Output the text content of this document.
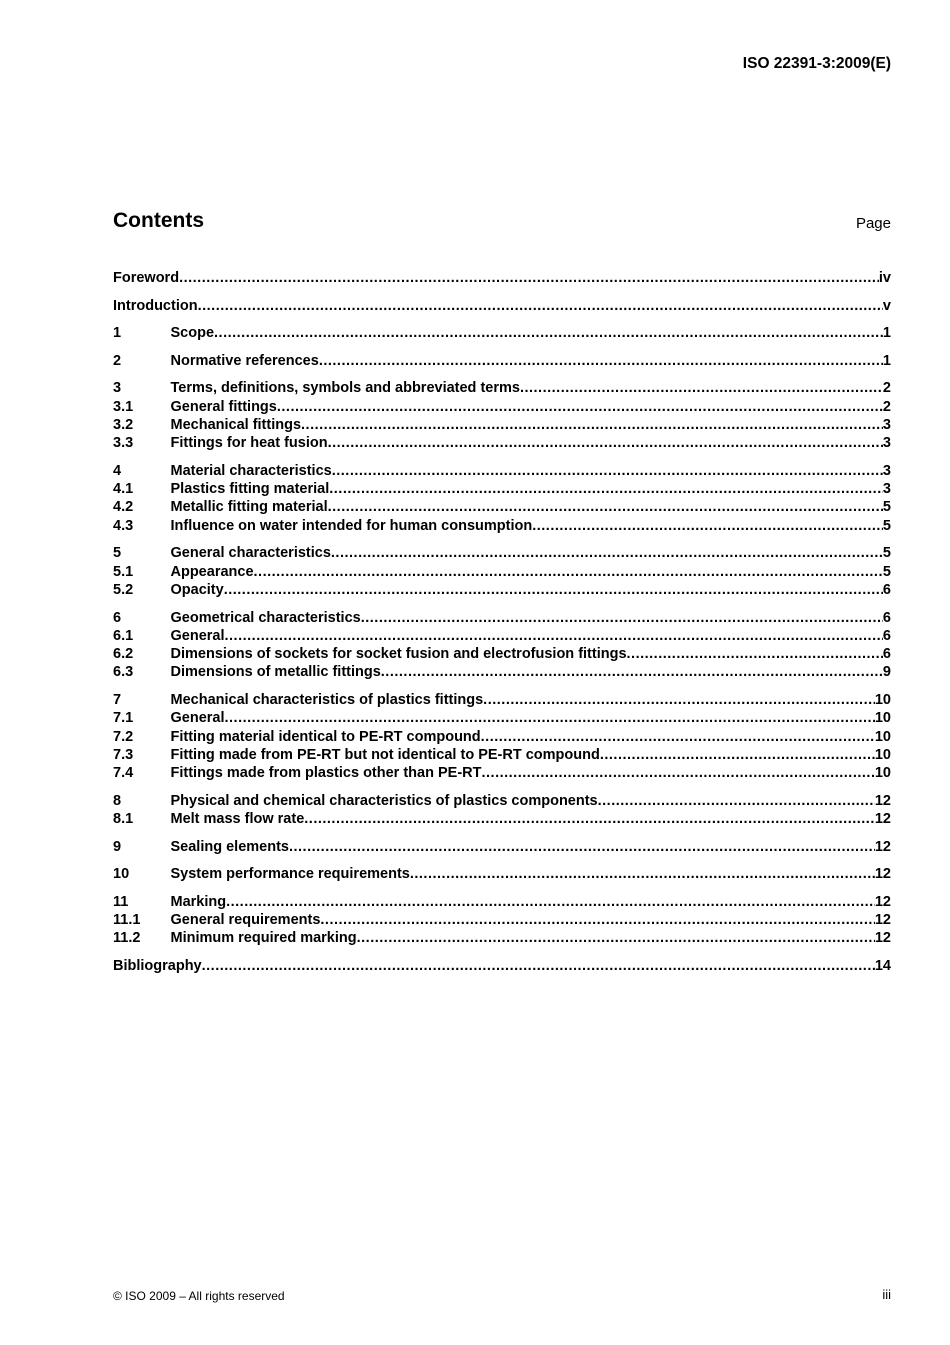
ISO 22391-3:2009(E)
Contents	Page
Foreword .....	iv
Introduction .....	v
1	Scope .....	1
2	Normative references .....	1
3	Terms, definitions, symbols and abbreviated terms .....	2
3.1	General fittings .....	2
3.2	Mechanical fittings .....	3
3.3	Fittings for heat fusion .....	3
4	Material characteristics .....	3
4.1	Plastics fitting material .....	3
4.2	Metallic fitting material .....	5
4.3	Influence on water intended for human consumption .....	5
5	General characteristics .....	5
5.1	Appearance .....	5
5.2	Opacity .....	6
6	Geometrical characteristics .....	6
6.1	General .....	6
6.2	Dimensions of sockets for socket fusion and electrofusion fittings .....	6
6.3	Dimensions of metallic fittings .....	9
7	Mechanical characteristics of plastics fittings .....	10
7.1	General .....	10
7.2	Fitting material identical to PE-RT compound .....	10
7.3	Fitting made from PE-RT but not identical to PE-RT compound .....	10
7.4	Fittings made from plastics other than PE-RT .....	10
8	Physical and chemical characteristics of plastics components .....	12
8.1	Melt mass flow rate .....	12
9	Sealing elements .....	12
10	System performance requirements .....	12
11	Marking .....	12
11.1	General requirements .....	12
11.2	Minimum required marking .....	12
Bibliography .....	14
© ISO 2009 – All rights reserved	iii
